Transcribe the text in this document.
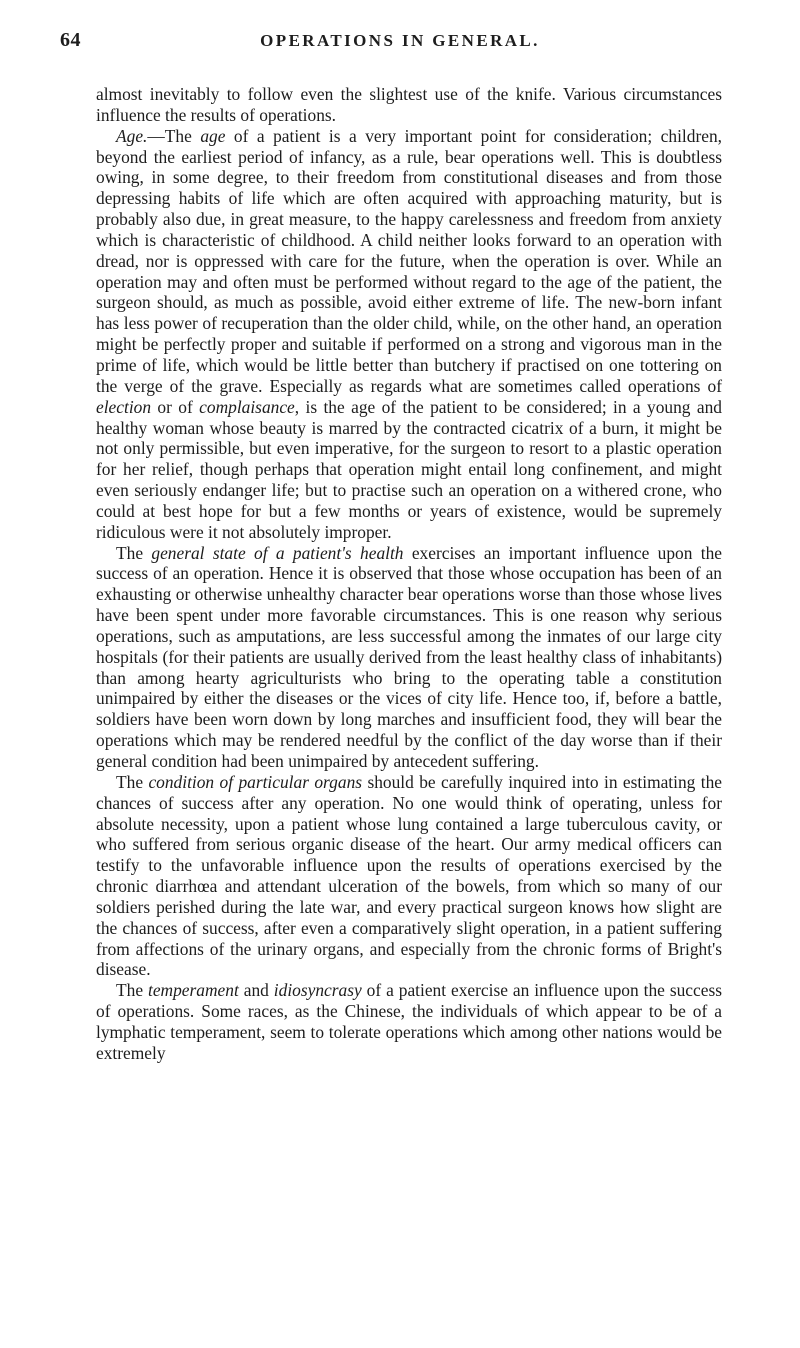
64	OPERATIONS IN GENERAL.

almost inevitably to follow even the slightest use of the knife. Various circumstances influence the results of operations.

Age.—The age of a patient is a very important point for consideration; children, beyond the earliest period of infancy, as a rule, bear operations well. This is doubtless owing, in some degree, to their freedom from constitutional diseases and from those depressing habits of life which are often acquired with approaching maturity, but is probably also due, in great measure, to the happy carelessness and freedom from anxiety which is characteristic of childhood. A child neither looks forward to an operation with dread, nor is oppressed with care for the future, when the operation is over. While an operation may and often must be performed without regard to the age of the patient, the surgeon should, as much as possible, avoid either extreme of life. The new-born infant has less power of recuperation than the older child, while, on the other hand, an operation might be perfectly proper and suitable if performed on a strong and vigorous man in the prime of life, which would be little better than butchery if practised on one tottering on the verge of the grave. Especially as regards what are sometimes called operations of election or of complaisance, is the age of the patient to be considered; in a young and healthy woman whose beauty is marred by the contracted cicatrix of a burn, it might be not only permissible, but even imperative, for the surgeon to resort to a plastic operation for her relief, though perhaps that operation might entail long confinement, and might even seriously endanger life; but to practise such an operation on a withered crone, who could at best hope for but a few months or years of existence, would be supremely ridiculous were it not absolutely improper.

The general state of a patient's health exercises an important influence upon the success of an operation. Hence it is observed that those whose occupation has been of an exhausting or otherwise unhealthy character bear operations worse than those whose lives have been spent under more favorable circumstances. This is one reason why serious operations, such as amputations, are less successful among the inmates of our large city hospitals (for their patients are usually derived from the least healthy class of inhabitants) than among hearty agriculturists who bring to the operating table a constitution unimpaired by either the diseases or the vices of city life. Hence too, if, before a battle, soldiers have been worn down by long marches and insufficient food, they will bear the operations which may be rendered needful by the conflict of the day worse than if their general condition had been unimpaired by antecedent suffering.

The condition of particular organs should be carefully inquired into in estimating the chances of success after any operation. No one would think of operating, unless for absolute necessity, upon a patient whose lung contained a large tuberculous cavity, or who suffered from serious organic disease of the heart. Our army medical officers can testify to the unfavorable influence upon the results of operations exercised by the chronic diarrhœa and attendant ulceration of the bowels, from which so many of our soldiers perished during the late war, and every practical surgeon knows how slight are the chances of success, after even a comparatively slight operation, in a patient suffering from affections of the urinary organs, and especially from the chronic forms of Bright's disease.

The temperament and idiosyncrasy of a patient exercise an influence upon the success of operations. Some races, as the Chinese, the individuals of which appear to be of a lymphatic temperament, seem to tolerate operations which among other nations would be extremely
